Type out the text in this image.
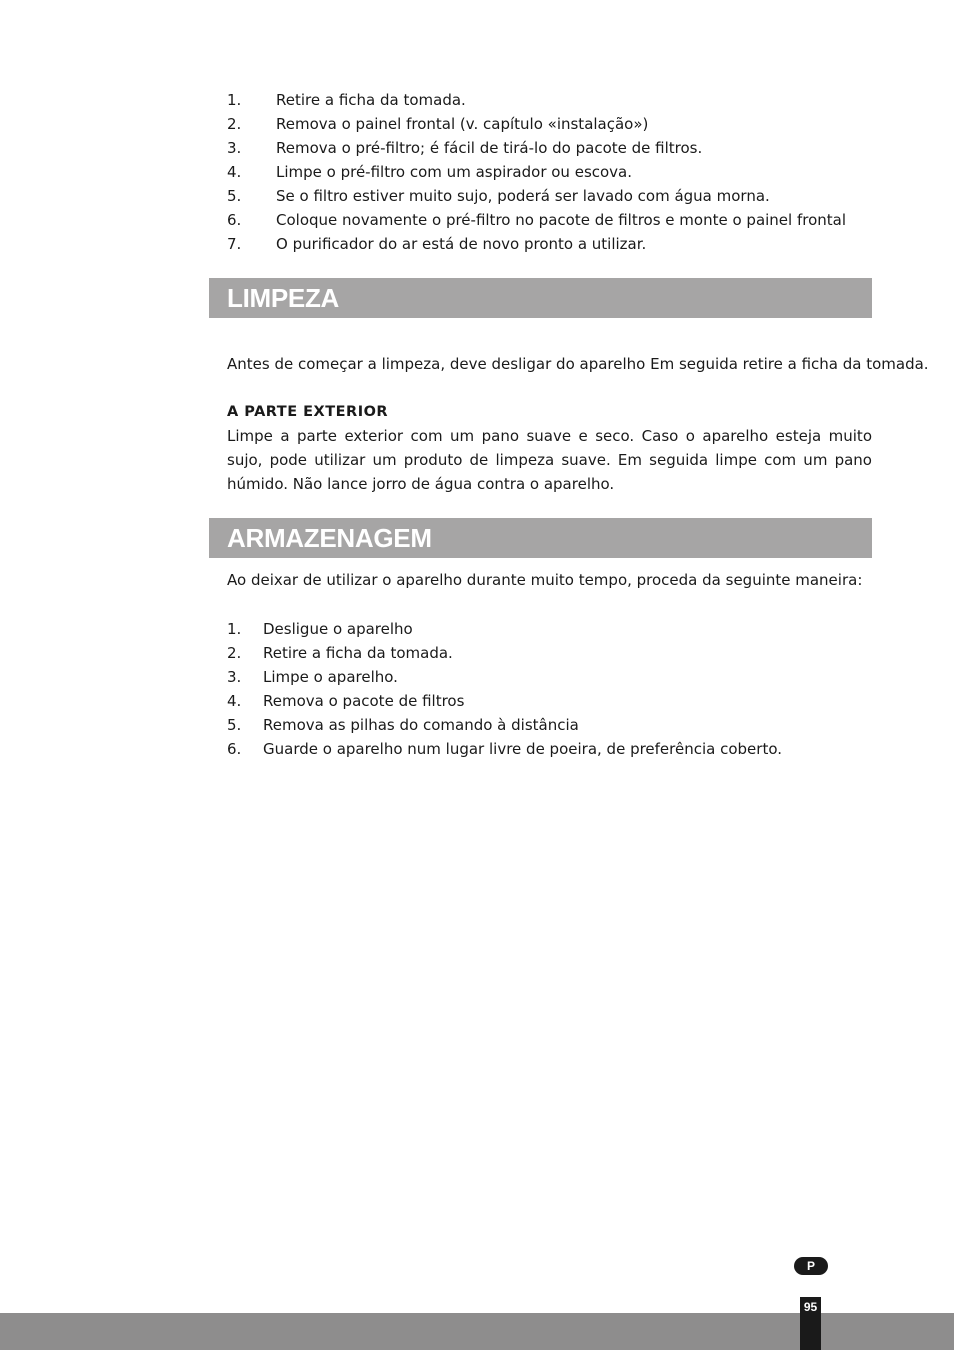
1.	Retire a ficha da tomada.
2.	Remova o painel frontal (v. capítulo «instalação»)
3.	Remova o pré-filtro; é fácil de tirá-lo do pacote de filtros.
4.	Limpe o pré-filtro com um aspirador ou escova.
5.	Se o filtro estiver muito sujo, poderá ser lavado com água morna.
6.	Coloque novamente o pré-filtro no pacote de filtros e monte o painel frontal
7.	O purificador do ar está de novo pronto a utilizar.
LIMPEZA

Antes de começar a limpeza, deve desligar do aparelho Em seguida retire a ficha da tomada.

A PARTE EXTERIOR

Limpe a parte exterior com um pano suave e seco. Caso o aparelho esteja muito sujo, pode utilizar um produto de limpeza suave. Em seguida limpe com um pano húmido. Não lance jorro de água contra o aparelho.

ARMAZENAGEM

Ao deixar de utilizar o aparelho durante muito tempo, proceda da seguinte maneira:

1.	Desligue o aparelho
2.	Retire a ficha da tomada.
3.	Limpe o aparelho.
4.	Remova o pacote de filtros
5.	Remova as pilhas do comando à distância
6.	Guarde o aparelho num lugar livre de poeira, de preferência coberto.
P
95
